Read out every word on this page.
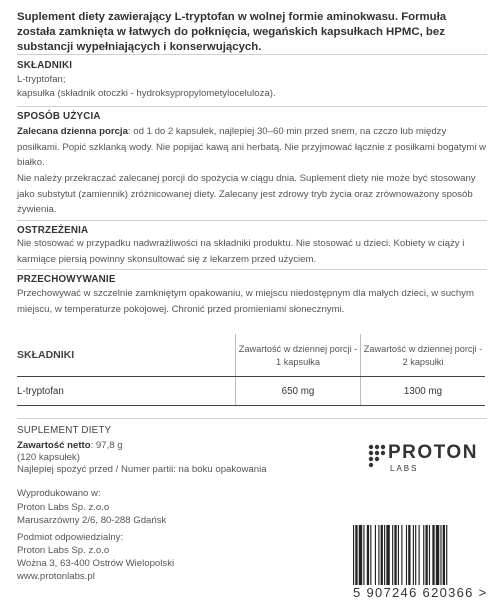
Suplement diety zawierający L-tryptofan w wolnej formie aminokwasu. Formuła została zamknięta w łatwych do połknięcia, wegańskich kapsułkach HPMC, bez substancji wypełniających i konserwujących.
SKŁADNIKI
L-tryptofan;
kapsułka (składnik otoczki - hydroksypropylometyloceluloza).
SPOSÓB UŻYCIA
Zalecana dzienna porcja: od 1 do 2 kapsułek, najlepiej 30–60 min przed snem, na czczo lub między posiłkami. Popić szklanką wody. Nie popijać kawą ani herbatą. Nie przyjmować łącznie z posiłkami bogatymi w białko.
Nie należy przekraczać zalecanej porcji do spożycia w ciągu dnia. Suplement diety nie może być stosowany jako substytut (zamiennik) zróżnicowanej diety. Zalecany jest zdrowy tryb życia oraz zrównoważony sposób żywienia.
OSTRZEŻENIA
Nie stosować w przypadku nadwrażliwości na składniki produktu. Nie stosować u dzieci. Kobiety w ciąży i karmiące piersią powinny skonsultować się z lekarzem przed użyciem.
PRZECHOWYWANIE
Przechowywać w szczelnie zamkniętym opakowaniu, w miejscu niedostępnym dla małych dzieci, w suchym miejscu, w temperaturze pokojowej. Chronić przed promieniami słonecznymi.
SKŁADNIKI	Zawartość w dziennej porcji - 1 kapsułka	Zawartość w dziennej porcji - 2 kapsułki
L-tryptofan	650 mg	1300 mg
SUPLEMENT DIETY
Zawartość netto: 97,8 g
(120 kapsułek)
Najlepiej spożyć przed / Numer partii: na boku opakowania
Wyprodukowano w:
Proton Labs Sp. z.o.o
Marusarzówny 2/6, 80-288 Gdańsk
Podmiot odpowiedzialny:
Proton Labs Sp. z.o.o
Wożna 3, 63-400 Ostrów Wielopolski
www.protonlabs.pl
PROTON
LABS
5 907246 620366 >
